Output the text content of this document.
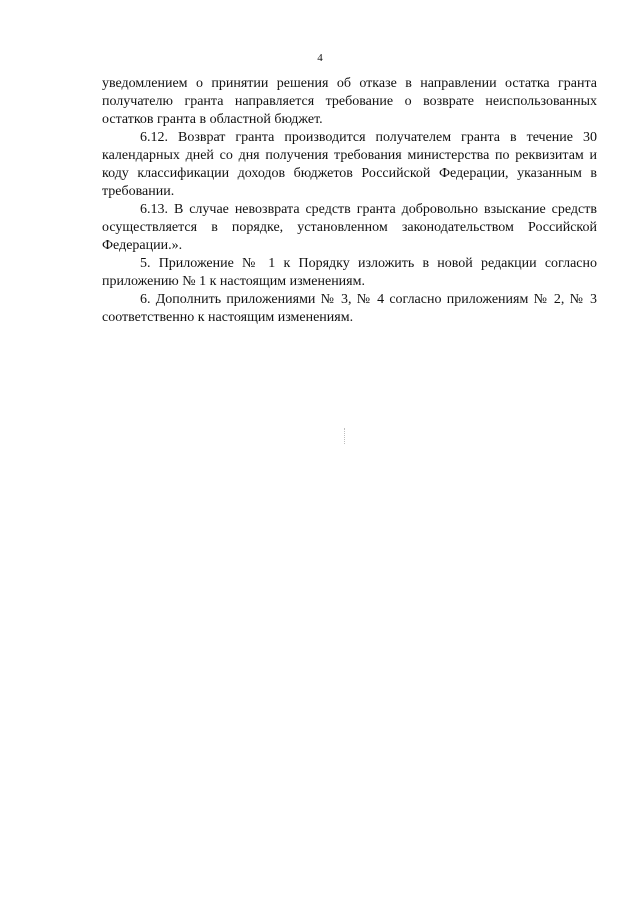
4

уведомлением о принятии решения об отказе в направлении остатка гранта получателю гранта направляется требование о возврате неиспользованных остатков гранта в областной бюджет.

6.12. Возврат гранта производится получателем гранта в течение 30 календарных дней со дня получения требования министерства по реквизитам и коду классификации доходов бюджетов Российской Федерации, указанным в требовании.

6.13. В случае невозврата средств гранта добровольно взыскание средств осуществляется в порядке, установленном законодательством Российской Федерации.».

5. Приложение № 1 к Порядку изложить в новой редакции согласно приложению № 1 к настоящим изменениям.

6. Дополнить приложениями № 3, № 4 согласно приложениям № 2, № 3 соответственно к настоящим изменениям.
